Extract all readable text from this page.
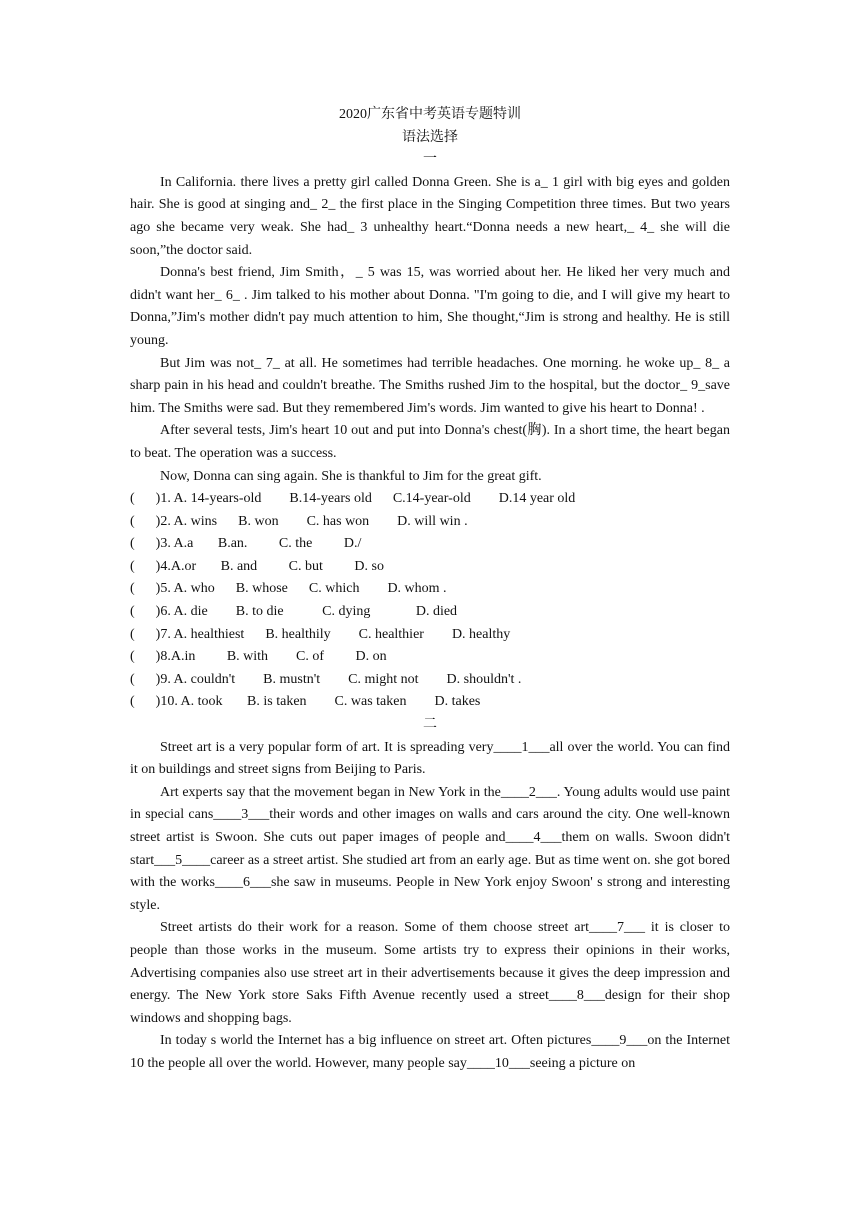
2020广东省中考英语专题特训
语法选择
一

In California. there lives a pretty girl called Donna Green. She is a_ 1 girl with big eyes and golden hair. She is good at singing and_ 2_ the first place in the Singing Competition three times. But two years ago she became very weak. She had_ 3 unhealthy heart.“Donna needs a new heart,_ 4_ she will die soon,”the doctor said.

Donna's best friend, Jim Smith，_ 5 was 15, was worried about her. He liked her very much and didn't want her_ 6_ . Jim talked to his mother about Donna. "I'm going to die, and I will give my heart to Donna,”Jim's mother didn't pay much attention to him, She thought,“Jim is strong and healthy. He is still young.

But Jim was not_ 7_ at all. He sometimes had terrible headaches. One morning. he woke up_ 8_ a sharp pain in his head and couldn't breathe. The Smiths rushed Jim to the hospital, but the doctor_ 9_save him. The Smiths were sad. But they remembered Jim's words. Jim wanted to give his heart to Donna! .

After several tests, Jim's heart 10 out and put into Donna's chest(胸). In a short time, the heart began to beat. The operation was a success.

Now, Donna can sing again. She is thankful to Jim for the great gift.

(      )1. A. 14-years-old        B.14-years old      C.14-year-old        D.14 year old
(      )2. A. wins      B. won        C. has won        D. will win .
(      )3. A.a       B.an.         C. the         D./
(      )4.A.or       B. and         C. but         D. so
(      )5. A. who      B. whose      C. which        D. whom .
(      )6. A. die        B. to die           C. dying             D. died
(      )7. A. healthiest      B. healthily        C. healthier        D. healthy
(      )8.A.in         B. with        C. of         D. on
(      )9. A. couldn't        B. mustn't        C. might not        D. shouldn't .
(      )10. A. took       B. is taken        C. was taken        D. takes
二

Street art is a very popular form of art. It is spreading very____1___all over the world. You can find it on buildings and street signs from Beijing to Paris.

Art experts say that the movement began in New York in the____2___. Young adults would use paint in special cans____3___their words and other images on walls and cars around the city. One well-known street artist is Swoon. She cuts out paper images of people and____4___them on walls. Swoon didn't start___5____career as a street artist. She studied art from an early age. But as time went on. she got bored with the works____6___she saw in museums. People in New York enjoy Swoon' s strong and interesting style.

Street artists do their work for a reason. Some of them choose street art____7___ it is closer to people than those works in the museum. Some artists try to express their opinions in their works, Advertising companies also use street art in their advertisements because it gives the deep impression and energy. The New York store Saks Fifth Avenue recently used a street____8___design for their shop windows and shopping bags.

In today s world the Internet has a big influence on street art. Often pictures____9___on the Internet 10 the people all over the world. However, many people say____10___seeing a picture on
